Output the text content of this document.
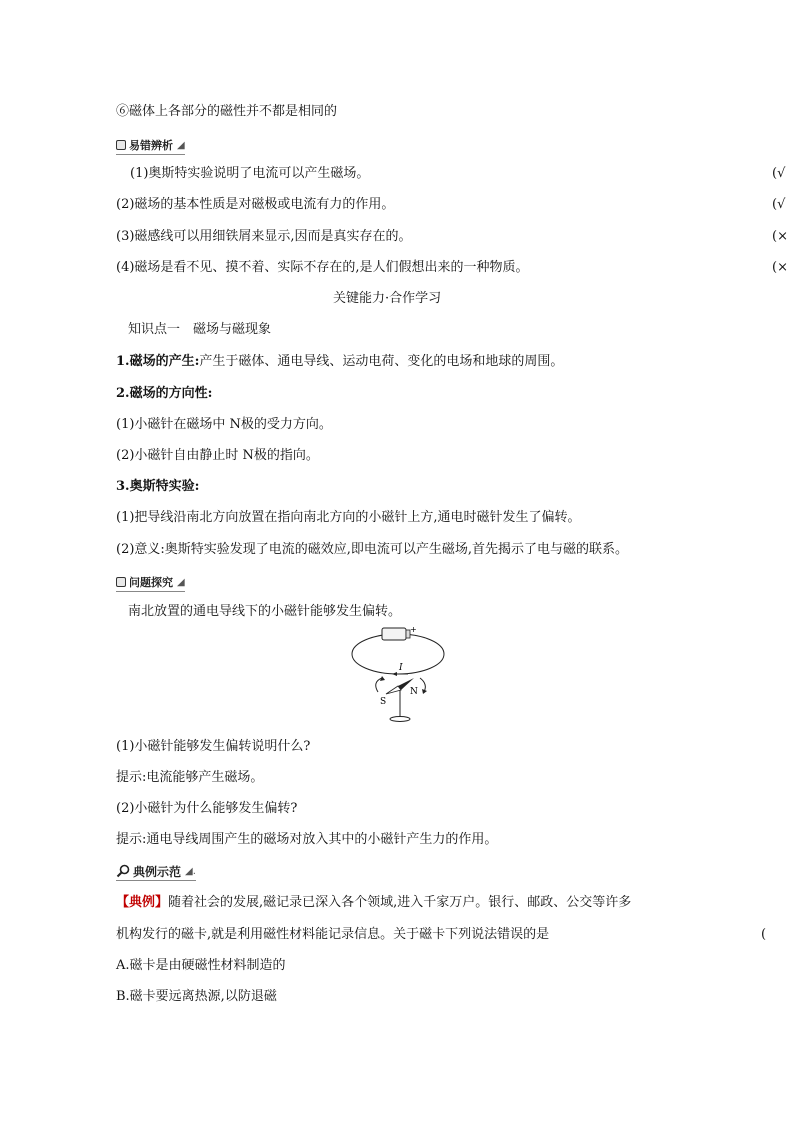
⑥磁体上各部分的磁性并不都是相同的
易错辨析 ◢
(1)奥斯特实验说明了电流可以产生磁场。	(√
(2)磁场的基本性质是对磁极或电流有力的作用。	(√
(3)磁感线可以用细铁屑来显示,因而是真实存在的。	(×
(4)磁场是看不见、摸不着、实际不存在的,是人们假想出来的一种物质。	(×
关键能力·合作学习
知识点一　磁场与磁现象
1.磁场的产生:产生于磁体、通电导线、运动电荷、变化的电场和地球的周围。
2.磁场的方向性:
(1)小磁针在磁场中 N极的受力方向。
(2)小磁针自由静止时 N极的指向。
3.奥斯特实验:
(1)把导线沿南北方向放置在指向南北方向的小磁针上方,通电时磁针发生了偏转。
(2)意义:奥斯特实验发现了电流的磁效应,即电流可以产生磁场,首先揭示了电与磁的联系。
问题探究 ◢
南北放置的通电导线下的小磁针能够发生偏转。
+
I
S
N
(1)小磁针能够发生偏转说明什么?
提示:电流能够产生磁场。
(2)小磁针为什么能够发生偏转?
提示:通电导线周围产生的磁场对放入其中的小磁针产生力的作用。
典例示范 ◢.
【典例】随着社会的发展,磁记录已深入各个领域,进入千家万户。银行、邮政、公交等许多
机构发行的磁卡,就是利用磁性材料能记录信息。关于磁卡下列说法错误的是	(
A.磁卡是由硬磁性材料制造的
B.磁卡要远离热源,以防退磁
